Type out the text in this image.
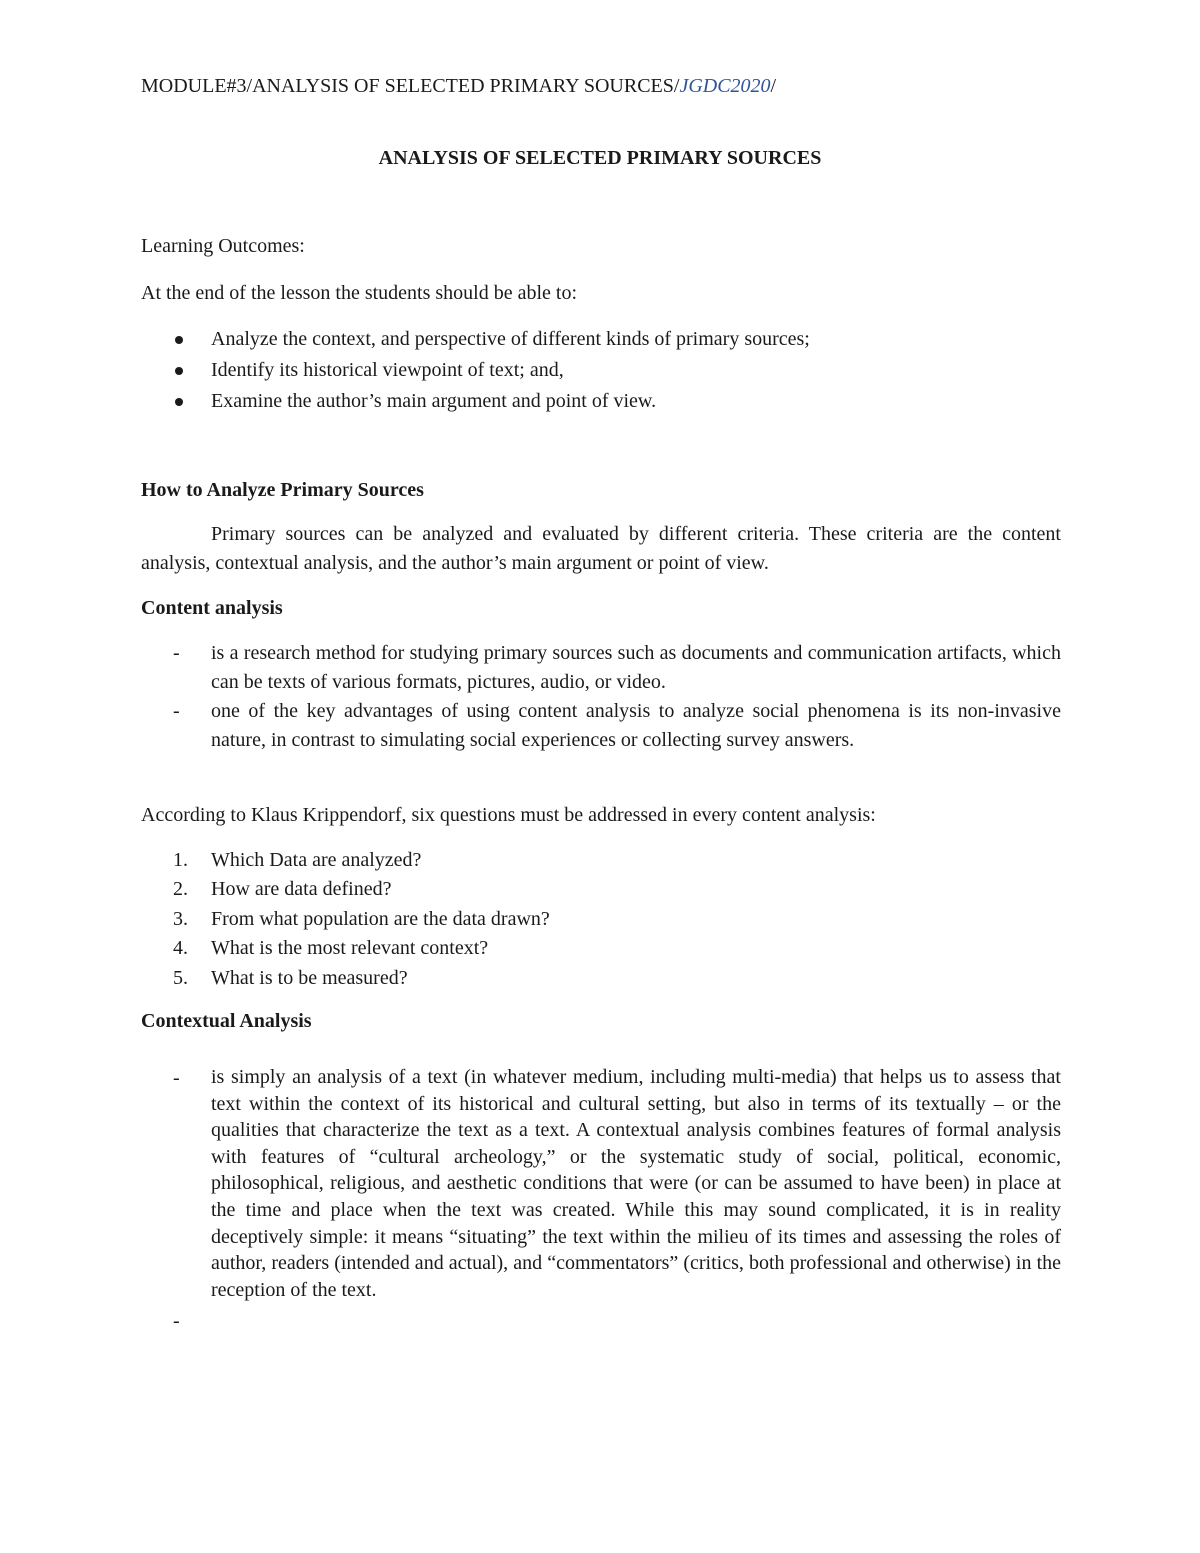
MODULE#3/ANALYSIS OF SELECTED PRIMARY SOURCES/JGDC2020/
ANALYSIS OF SELECTED PRIMARY SOURCES
Learning Outcomes:
At the end of the lesson the students should be able to:
Analyze the context, and perspective of different kinds of primary sources;
Identify its historical viewpoint of text; and,
Examine the author’s main argument and point of view.
How to Analyze Primary Sources
Primary sources can be analyzed and evaluated by different criteria. These criteria are the content analysis, contextual analysis, and the author’s main argument or point of view.
Content analysis
- is a research method for studying primary sources such as documents and communication artifacts, which can be texts of various formats, pictures, audio, or video.
- one of the key advantages of using content analysis to analyze social phenomena is its non-invasive nature, in contrast to simulating social experiences or collecting survey answers.
According to Klaus Krippendorf, six questions must be addressed in every content analysis:
1.	Which Data are analyzed?
2.	How are data defined?
3.	From what population are the data drawn?
4.	What is the most relevant context?
5.	What is to be measured?
Contextual Analysis
- is simply an analysis of a text (in whatever medium, including multi-media) that helps us to assess that text within the context of its historical and cultural setting, but also in terms of its textually – or the qualities that characterize the text as a text. A contextual analysis combines features of formal analysis with features of “cultural archeology,” or the systematic study of social, political, economic, philosophical, religious, and aesthetic conditions that were (or can be assumed to have been) in place at the time and place when the text was created. While this may sound complicated, it is in reality deceptively simple: it means “situating” the text within the milieu of its times and assessing the roles of author, readers (intended and actual), and “commentators” (critics, both professional and otherwise) in the reception of the text.
-
